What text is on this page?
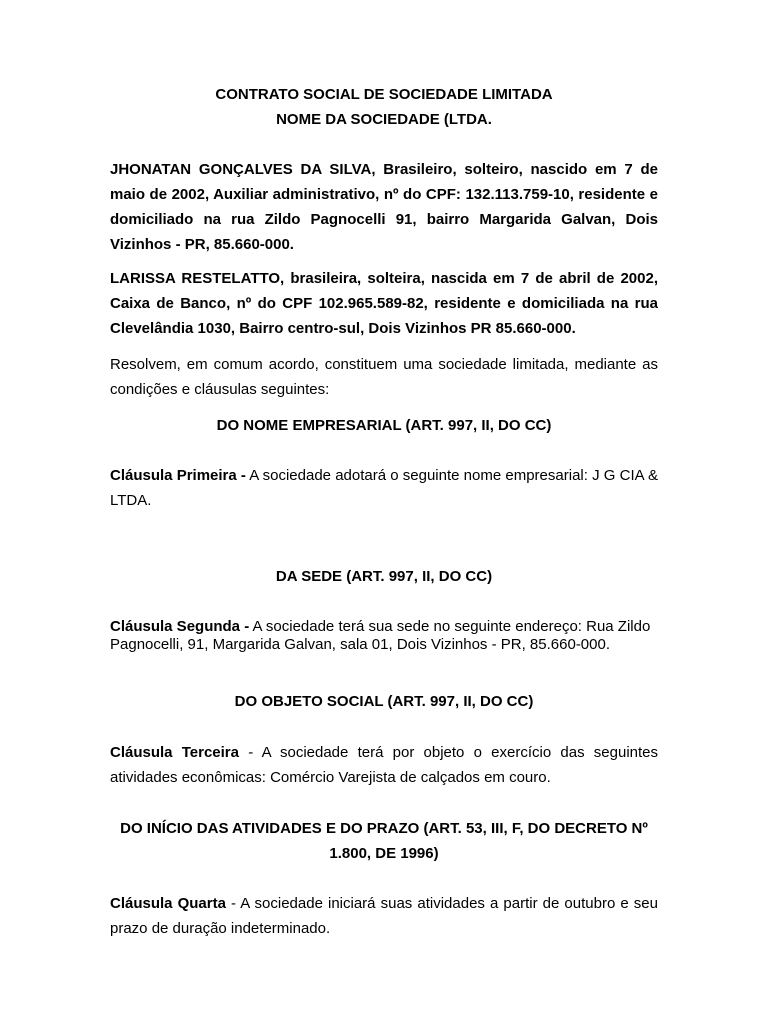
CONTRATO SOCIAL DE SOCIEDADE LIMITADA

NOME DA SOCIEDADE (LTDA.

JHONATAN GONÇALVES DA SILVA, Brasileiro, solteiro, nascido em 7 de maio de 2002, Auxiliar administrativo, nº do CPF: 132.113.759-10, residente e domiciliado na rua Zildo Pagnocelli 91, bairro Margarida Galvan, Dois Vizinhos - PR, 85.660-000.

LARISSA RESTELATTO, brasileira, solteira, nascida em 7 de abril de 2002, Caixa de Banco, nº do CPF 102.965.589-82, residente e domiciliada na rua Clevelândia 1030, Bairro centro-sul, Dois Vizinhos PR 85.660-000.

Resolvem, em comum acordo, constituem uma sociedade limitada, mediante as condições e cláusulas seguintes:

DO NOME EMPRESARIAL (ART. 997, II, DO CC)

Cláusula Primeira - A sociedade adotará o seguinte nome empresarial: J G CIA & LTDA.

DA SEDE (ART. 997, II, DO CC)

Cláusula Segunda - A sociedade terá sua sede no seguinte endereço: Rua Zildo Pagnocelli, 91, Margarida Galvan, sala 01, Dois Vizinhos - PR, 85.660-000.

DO OBJETO SOCIAL (ART. 997, II, DO CC)

Cláusula Terceira - A sociedade terá por objeto o exercício das seguintes atividades econômicas: Comércio Varejista de calçados em couro.

DO INÍCIO DAS ATIVIDADES E DO PRAZO (ART. 53, III, F, DO DECRETO Nº 1.800, DE 1996)

Cláusula Quarta - A sociedade iniciará suas atividades a partir de outubro e seu prazo de duração indeterminado.
